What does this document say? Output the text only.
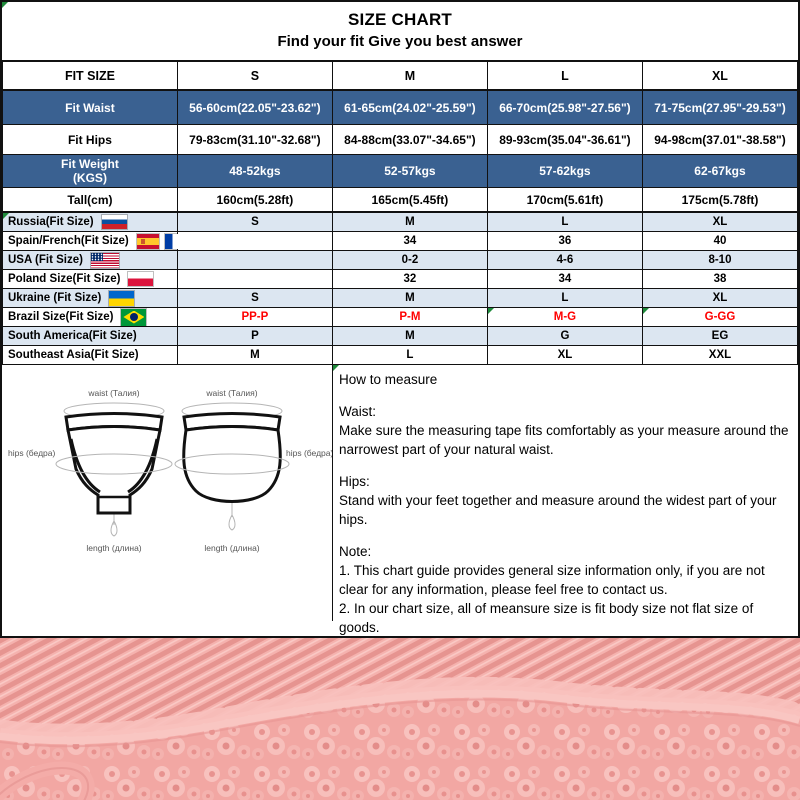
SIZE CHART
Find your fit Give you best answer
FIT SIZE	S	M	L	XL
Fit Waist	56-60cm(22.05"-23.62")	61-65cm(24.02"-25.59")	66-70cm(25.98"-27.56")	71-75cm(27.95"-29.53")
Fit Hips	79-83cm(31.10"-32.68")	84-88cm(33.07"-34.65")	89-93cm(35.04"-36.61")	94-98cm(37.01"-38.58")

Fit Weight
(KGS)	48-52kgs	52-57kgs	57-62kgs	62-67kgs
Tall(cm)	160cm(5.28ft)	165cm(5.45ft)	170cm(5.61ft)	175cm(5.78ft)

Russia(Fit Size)	S	M	L	XL

Spain/French(Fit Size)		34	36	40

USA (Fit Size)		0-2	4-6	8-10

Poland Size(Fit Size)		32	34	38

Ukraine (Fit Size)	S	M	L	XL

Brazil Size(Fit Size)	PP-P	P-M	M-G	G-GG
South America(Fit Size)	P	M	G	EG
Southeast Asia(Fit Size)	M	L	XL	XXL
waist (Талия)	waist (Талия)
hips (бедра)	hips (бедра)
length (длина)	length (длина)

How to measure

Waist:

Make sure the measuring tape fits comfortably as your measure around the narrowest part of your natural waist.

Hips:

Stand with your feet together and measure around the widest part of your hips.

Note:

1. This chart guide provides general size information only, if you are not clear for any information, please feel free to contact us.

2. In our chart size, all of meansure size is fit body size not flat size of goods.
